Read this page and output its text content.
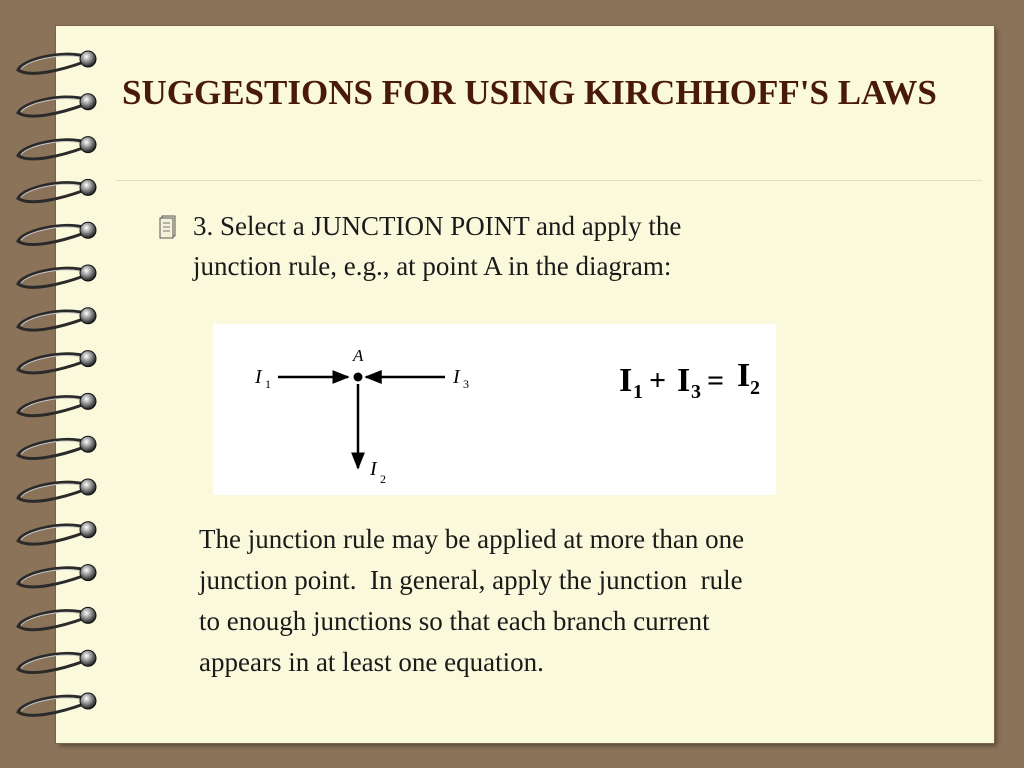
SUGGESTIONS FOR USING KIRCHHOFF'S LAWS

3. Select a JUNCTION POINT and apply the
junction rule, e.g., at point A in the diagram:

A
I 1	I 3
I 2
I 1 + I 3 = I 2

The junction rule may be applied at more than one
junction point.  In general, apply the junction  rule
to enough junctions so that each branch current
appears in at least one equation.
